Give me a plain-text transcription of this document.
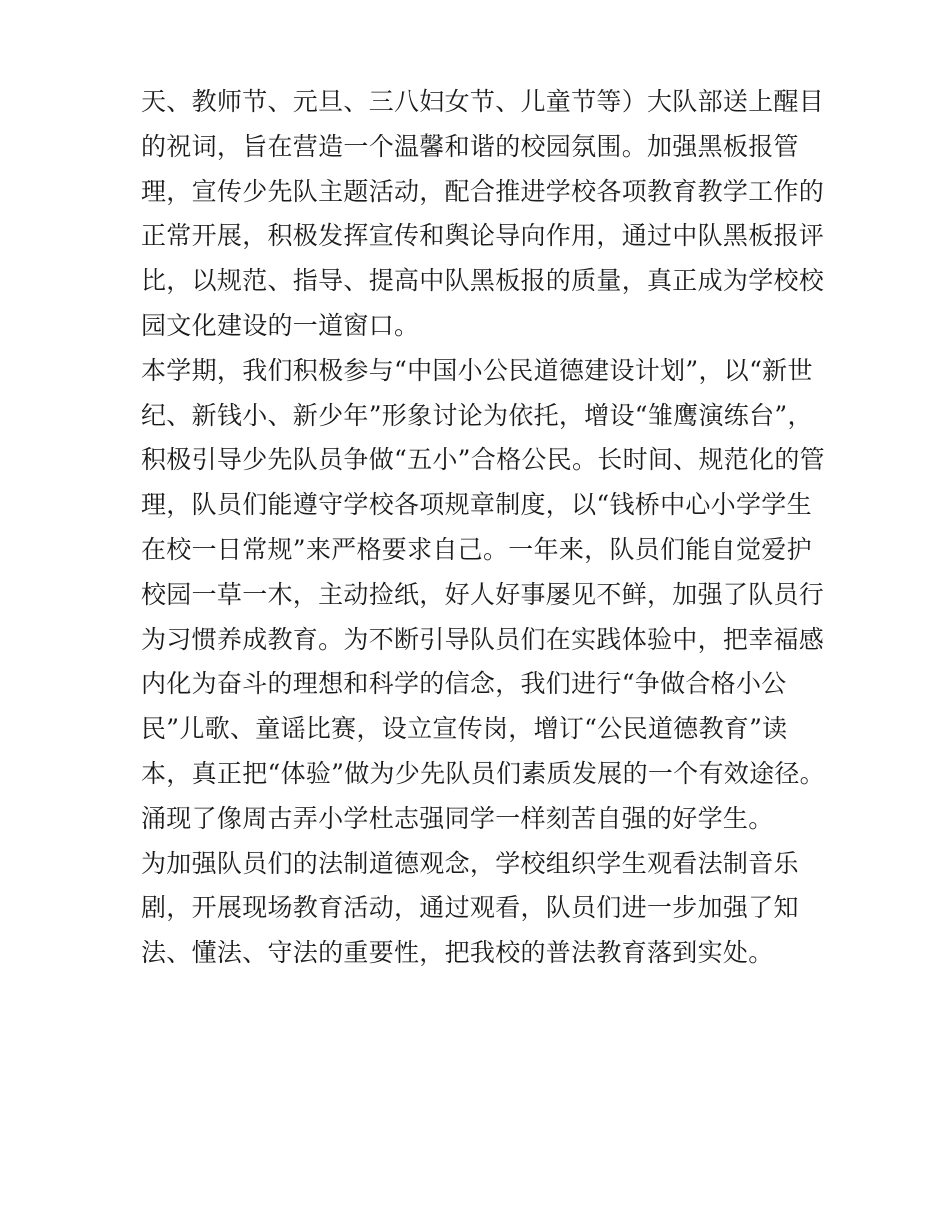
天、教师节、元旦、三八妇女节、儿童节等）大队部送上醒目
的祝词，旨在营造一个温馨和谐的校园氛围。加强黑板报管
理，宣传少先队主题活动，配合推进学校各项教育教学工作的
正常开展，积极发挥宣传和舆论导向作用，通过中队黑板报评
比，以规范、指导、提高中队黑板报的质量，真正成为学校校
园文化建设的一道窗口。
本学期，我们积极参与“中国小公民道德建设计划”，以“新世
纪、新钱小、新少年”形象讨论为依托，增设“雏鹰演练台”，
积极引导少先队员争做“五小”合格公民。长时间、规范化的管
理，队员们能遵守学校各项规章制度，以“钱桥中心小学学生
在校一日常规”来严格要求自己。一年来，队员们能自觉爱护
校园一草一木，主动捡纸，好人好事屡见不鲜，加强了队员行
为习惯养成教育。为不断引导队员们在实践体验中，把幸福感
内化为奋斗的理想和科学的信念，我们进行“争做合格小公
民”儿歌、童谣比赛，设立宣传岗，增订“公民道德教育”读
本，真正把“体验”做为少先队员们素质发展的一个有效途径。
涌现了像周古弄小学杜志强同学一样刻苦自强的好学生。
为加强队员们的法制道德观念，学校组织学生观看法制音乐
剧，开展现场教育活动，通过观看，队员们进一步加强了知
法、懂法、守法的重要性，把我校的普法教育落到实处。
